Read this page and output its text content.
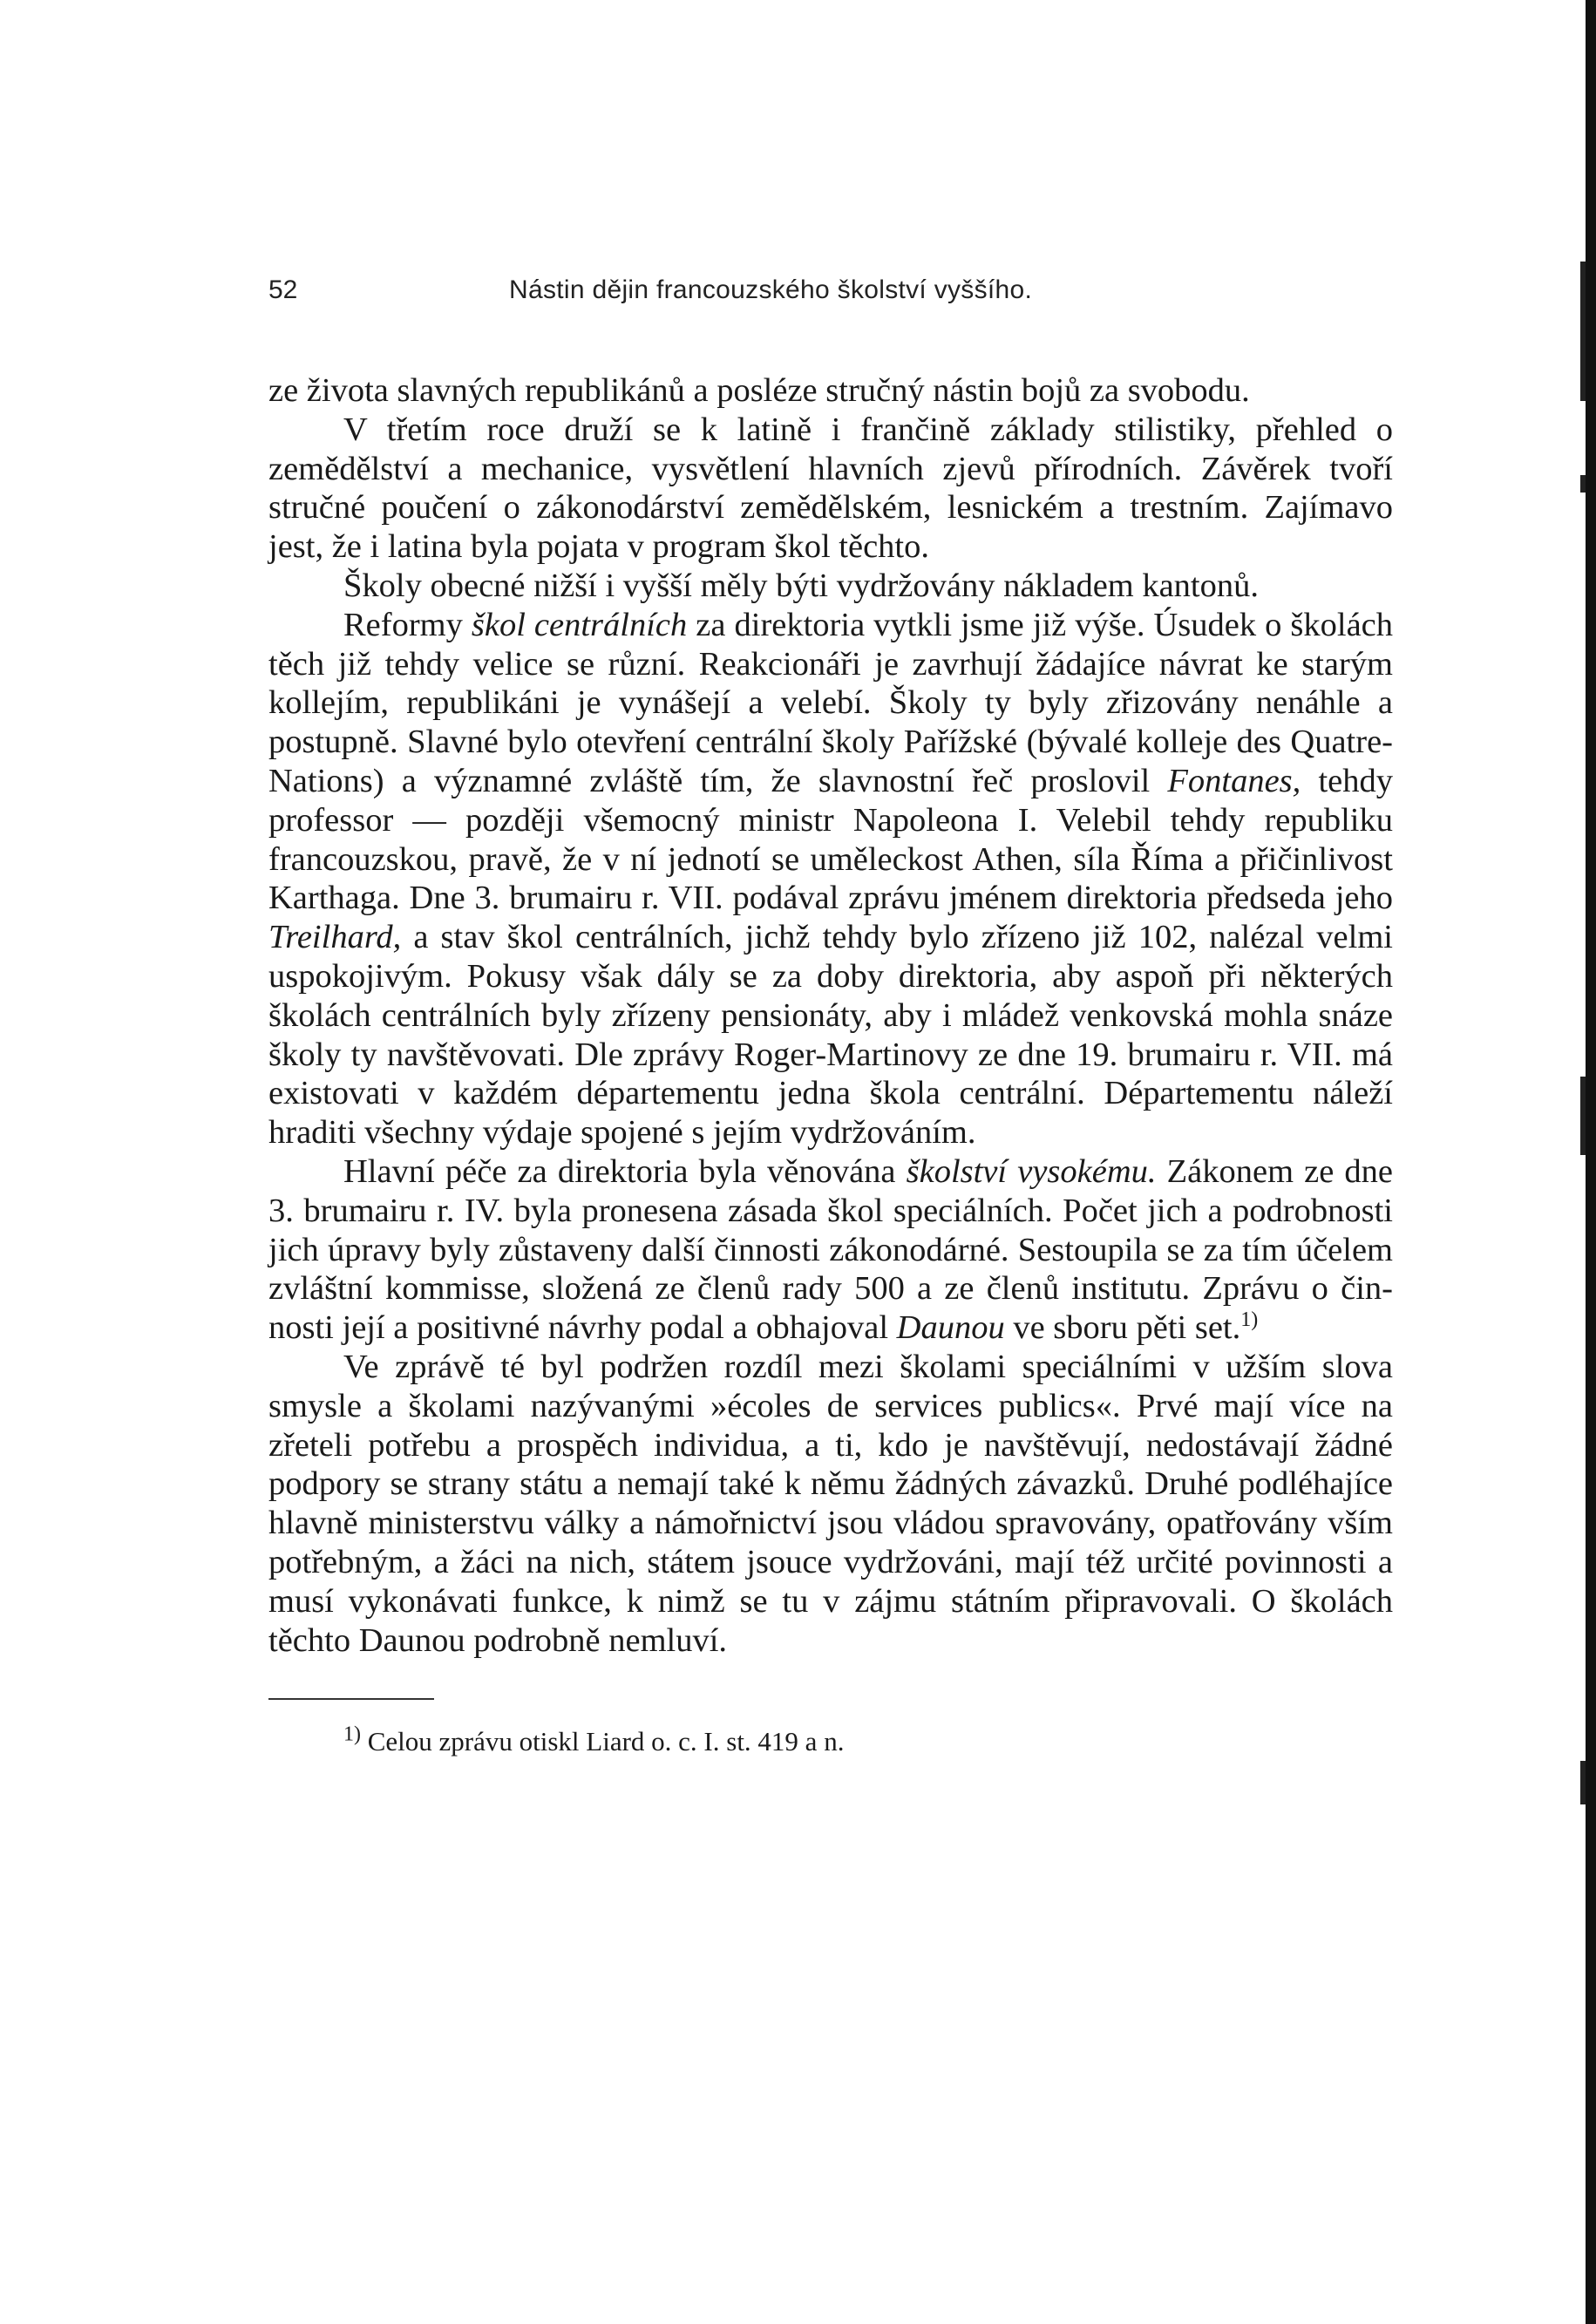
52	Nástin dějin francouzského školství vyššího.

ze života slavných republikánů a posléze stručný nástin bojů za svobodu.

V třetím roce druží se k latině i frančině základy stilistiky, přehled o zemědělství a mechanice, vysvětlení hlavních zjevů přírodních. Závěrek tvoří stručné poučení o zákonodárství zemědělském, lesnickém a trestním. Zajímavo jest, že i latina byla pojata v program škol těchto.

Školy obecné nižší i vyšší měly býti vydržovány nákladem kantonů.

Reformy škol centrálních za direktoria vytkli jsme již výše. Úsudek o školách těch již tehdy velice se různí. Reakcionáři je zavrhují žádajíce návrat ke starým kollejím, republikáni je vynášejí a velebí. Školy ty byly zřizovány nenáhle a postupně. Slavné bylo otevření centrální školy Pařížské (bývalé kolleje des Quatre-Nations) a významné zvláště tím, že slavnostní řeč proslovil Fontanes, tehdy professor — později všemocný ministr Napoleona I. Velebil tehdy republiku francouzskou, pravě, že v ní jednotí se uměleckost Athen, síla Říma a přičinlivost Karthaga. Dne 3. brumairu r. VII. podával zprávu jménem direktoria předseda jeho Treilhard, a stav škol centrálních, jichž tehdy bylo zřízeno již 102, nalézal velmi uspokojivým. Pokusy však dály se za doby direktoria, aby aspoň při některých školách centrálních byly zřízeny pensionáty, aby i mládež venkovská mohla snáze školy ty navštěvovati. Dle zprávy Roger-Martinovy ze dne 19. brumairu r. VII. má existovati v každém départementu jedna škola centrální. Départementu náleží hraditi všechny výdaje spojené s jejím vydržováním.

Hlavní péče za direktoria byla věnována školství vysokému. Zákonem ze dne 3. brumairu r. IV. byla pronesena zásada škol speciálních. Počet jich a podrobnosti jich úpravy byly zůstaveny další činnosti zákonodárné. Sestoupila se za tím účelem zvláštní kommisse, složená ze členů rady 500 a ze členů institutu. Zprávu o činnosti její a positivné návrhy podal a obhajoval Daunou ve sboru pěti set.$^{1)}$

Ve zprávě té byl podržen rozdíl mezi školami speciálními v užším slova smysle a školami nazývanými »écoles de services publics«. Prvé mají více na zřeteli potřebu a prospěch individua, a ti, kdo je navštěvují, nedostávají žádné podpory se strany státu a nemají také k němu žádných závazků. Druhé podléhajíce hlavně ministerstvu války a námořnictví jsou vládou spravovány, opatřovány vším potřebným, a žáci na nich, státem jsouce vydržováni, mají též určité povinnosti a musí vykonávati funkce, k nimž se tu v zájmu státním připravovali. O školách těchto Daunou podrobně nemluví.

$^{1)}$ Celou zprávu otiskl Liard o. c. I. st. 419 a n.
